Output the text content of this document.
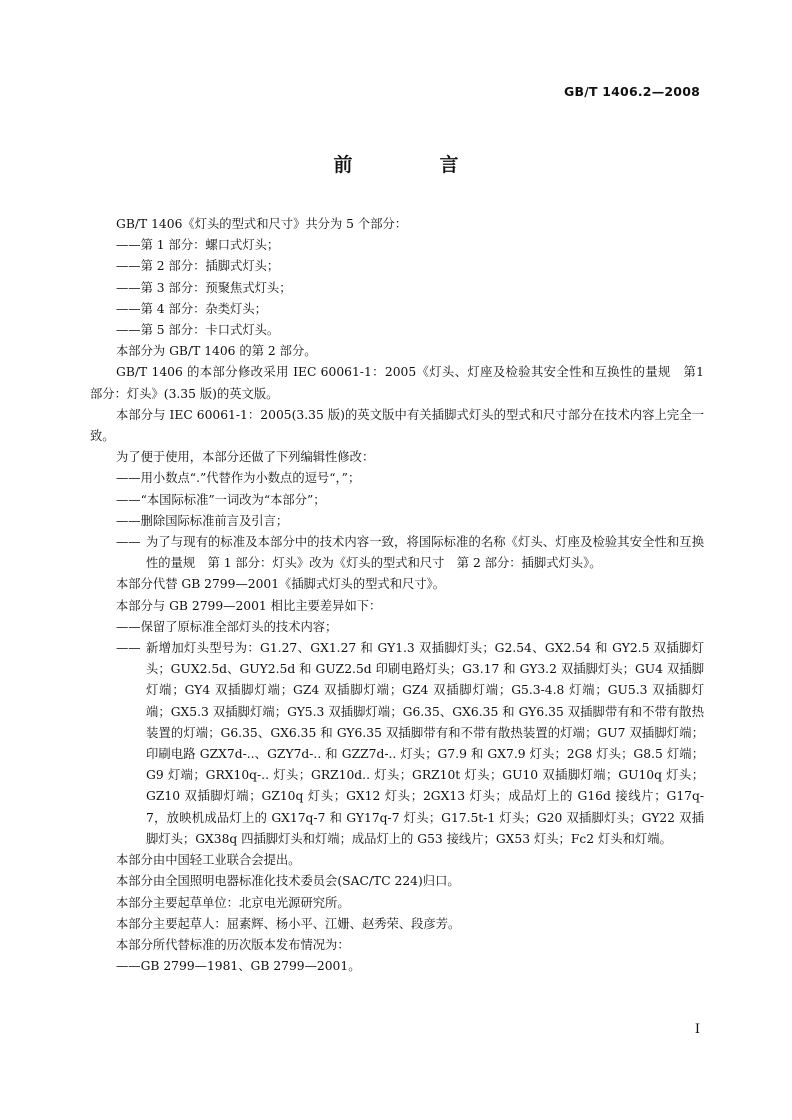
GB/T 1406.2—2008
前　言

GB/T 1406《灯头的型式和尺寸》共分为 5 个部分：

——第 1 部分：螺口式灯头；

——第 2 部分：插脚式灯头；

——第 3 部分：预聚焦式灯头；

——第 4 部分：杂类灯头；

——第 5 部分：卡口式灯头。

本部分为 GB/T 1406 的第 2 部分。

GB/T 1406 的本部分修改采用 IEC 60061-1：2005《灯头、灯座及检验其安全性和互换性的量规　第1 部分：灯头》(3.35 版)的英文版。

本部分与 IEC 60061-1：2005(3.35 版)的英文版中有关插脚式灯头的型式和尺寸部分在技术内容上完全一致。

为了便于使用，本部分还做了下列编辑性修改：

——用小数点“.”代替作为小数点的逗号“，”；

——“本国际标准”一词改为“本部分”；

——删除国际标准前言及引言；

—— 为了与现有的标准及本部分中的技术内容一致，将国际标准的名称《灯头、灯座及检验其安全性和互换性的量规　第 1 部分：灯头》改为《灯头的型式和尺寸　第 2 部分：插脚式灯头》。

本部分代替 GB 2799—2001《插脚式灯头的型式和尺寸》。

本部分与 GB 2799—2001 相比主要差异如下：

——保留了原标准全部灯头的技术内容；

—— 新增加灯头型号为：G1.27、GX1.27 和 GY1.3 双插脚灯头；G2.54、GX2.54 和 GY2.5 双插脚灯头；GUX2.5d、GUY2.5d 和 GUZ2.5d 印刷电路灯头；G3.17 和 GY3.2 双插脚灯头；GU4 双插脚灯端；GY4 双插脚灯端；GZ4 双插脚灯端；GZ4 双插脚灯端；G5.3-4.8 灯端；GU5.3 双插脚灯端；GX5.3 双插脚灯端；GY5.3 双插脚灯端；G6.35、GX6.35 和 GY6.35 双插脚带有和不带有散热装置的灯端；G6.35、GX6.35 和 GY6.35 双插脚带有和不带有散热装置的灯端；GU7 双插脚灯端；印刷电路 GZX7d-..、GZY7d-.. 和 GZZ7d-.. 灯头；G7.9 和 GX7.9 灯头；2G8 灯头；G8.5 灯端；G9 灯端；GRX10q-.. 灯头；GRZ10d.. 灯头；GRZ10t 灯头；GU10 双插脚灯端；GU10q 灯头；GZ10 双插脚灯端；GZ10q 灯头；GX12 灯头；2GX13 灯头；成品灯上的 G16d 接线片；G17q-7，放映机成品灯上的 GX17q-7 和 GY17q-7 灯头；G17.5t-1 灯头；G20 双插脚灯头；GY22 双插脚灯头；GX38q 四插脚灯头和灯端；成品灯上的 G53 接线片；GX53 灯头；Fc2 灯头和灯端。

本部分由中国轻工业联合会提出。

本部分由全国照明电器标准化技术委员会(SAC/TC 224)归口。

本部分主要起草单位：北京电光源研究所。

本部分主要起草人：屈素辉、杨小平、江姗、赵秀荣、段彦芳。

本部分所代替标准的历次版本发布情况为：

——GB 2799—1981、GB 2799—2001。

I
